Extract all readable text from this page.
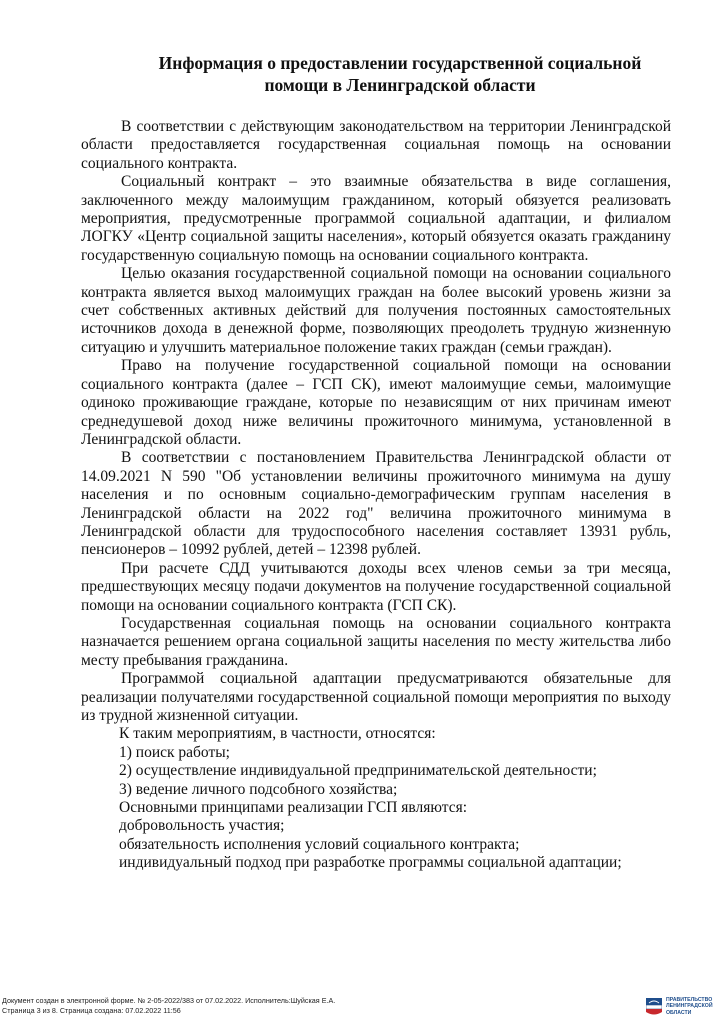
Информация о предоставлении государственной социальной
помощи в Ленинградской области

В соответствии с действующим законодательством на территории Ленинградской области предоставляется государственная социальная помощь на основании социального контракта.

Социальный контракт – это взаимные обязательства в виде соглашения, заключенного между малоимущим гражданином, который обязуется реализовать мероприятия, предусмотренные программой социальной адаптации, и филиалом ЛОГКУ «Центр социальной защиты населения», который обязуется оказать гражданину государственную социальную помощь на основании социального контракта.

Целью оказания государственной социальной помощи на основании социального контракта является выход малоимущих граждан на более высокий уровень жизни за счет собственных активных действий для получения постоянных самостоятельных источников дохода в денежной форме, позволяющих преодолеть трудную жизненную ситуацию и улучшить материальное положение таких граждан (семьи граждан).

Право на получение государственной социальной помощи на основании социального контракта (далее – ГСП СК), имеют малоимущие семьи, малоимущие одиноко проживающие граждане, которые по независящим от них причинам имеют среднедушевой доход ниже величины прожиточного минимума, установленной в Ленинградской области.

В соответствии с постановлением Правительства Ленинградской области от 14.09.2021 N 590 "Об установлении величины прожиточного минимума на душу населения и по основным социально-демографическим группам населения в Ленинградской области на 2022 год" величина прожиточного минимума в Ленинградской области для трудоспособного населения составляет 13931 рубль, пенсионеров – 10992 рублей, детей – 12398 рублей.

При расчете СДД учитываются доходы всех членов семьи за три месяца, предшествующих месяцу подачи документов на получение государственной социальной помощи на основании социального контракта (ГСП СК).

Государственная социальная помощь на основании социального контракта назначается решением органа социальной защиты населения по месту жительства либо месту пребывания гражданина.

Программой социальной адаптации предусматриваются обязательные для реализации получателями государственной социальной помощи мероприятия по выходу из трудной жизненной ситуации.

К таким мероприятиям, в частности, относятся:

1) поиск работы;

2) осуществление индивидуальной предпринимательской деятельности;

3) ведение личного подсобного хозяйства;

Основными принципами реализации ГСП являются:

добровольность участия;

обязательность исполнения условий социального контракта;

индивидуальный подход при разработке программы социальной адаптации;

Документ создан в электронной форме. № 2-05-2022/383 от 07.02.2022. Исполнитель:Шуйская Е.А.
Страница 3 из 8. Страница создана: 07.02.2022 11:56
ПРАВИТЕЛЬСТВО
ЛЕНИНГРАДСКОЙ
ОБЛАСТИ
